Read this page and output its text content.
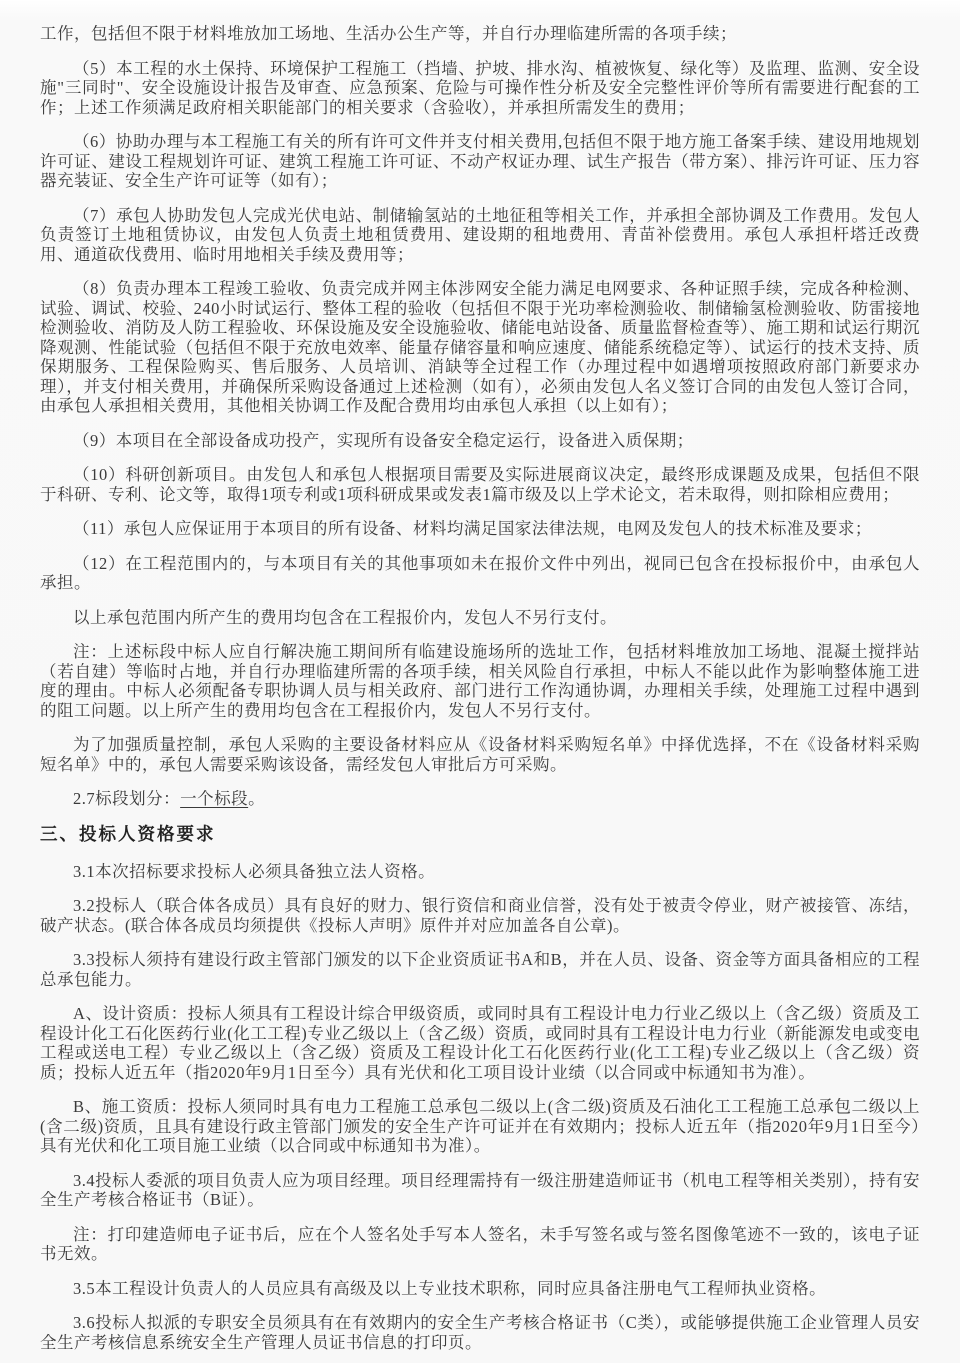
工作，包括但不限于材料堆放加工场地、生活办公生产等，并自行办理临建所需的各项手续；

（5）本工程的水土保持、环境保护工程施工（挡墙、护坡、排水沟、植被恢复、绿化等）及监理、监测、安全设施"三同时"、安全设施设计报告及审查、应急预案、危险与可操作性分析及安全完整性评价等所有需要进行配套的工作；上述工作须满足政府相关职能部门的相关要求（含验收），并承担所需发生的费用；

（6）协助办理与本工程施工有关的所有许可文件并支付相关费用,包括但不限于地方施工备案手续、建设用地规划许可证、建设工程规划许可证、建筑工程施工许可证、不动产权证办理、试生产报告（带方案）、排污许可证、压力容器充装证、安全生产许可证等（如有）；

（7）承包人协助发包人完成光伏电站、制储输氢站的土地征租等相关工作，并承担全部协调及工作费用。发包人负责签订土地租赁协议，由发包人负责土地租赁费用、建设期的租地费用、青苗补偿费用。承包人承担杆塔迁改费用、通道砍伐费用、临时用地相关手续及费用等；

（8）负责办理本工程竣工验收、负责完成并网主体涉网安全能力满足电网要求、各种证照手续，完成各种检测、试验、调试、校验、240小时试运行、整体工程的验收（包括但不限于光功率检测验收、制储输氢检测验收、防雷接地检测验收、消防及人防工程验收、环保设施及安全设施验收、储能电站设备、质量监督检查等）、施工期和试运行期沉降观测、性能试验（包括但不限于充放电效率、能量存储容量和响应速度、储能系统稳定等）、试运行的技术支持、质保期服务、工程保险购买、售后服务、人员培训、消缺等全过程工作（办理过程中如遇增项按照政府部门新要求办理），并支付相关费用，并确保所采购设备通过上述检测（如有），必须由发包人名义签订合同的由发包人签订合同，由承包人承担相关费用，其他相关协调工作及配合费用均由承包人承担（以上如有）；

（9）本项目在全部设备成功投产，实现所有设备安全稳定运行，设备进入质保期；

（10）科研创新项目。由发包人和承包人根据项目需要及实际进展商议决定，最终形成课题及成果，包括但不限于科研、专利、论文等，取得1项专利或1项科研成果或发表1篇市级及以上学术论文，若未取得，则扣除相应费用；

（11）承包人应保证用于本项目的所有设备、材料均满足国家法律法规，电网及发包人的技术标准及要求；

（12）在工程范围内的，与本项目有关的其他事项如未在报价文件中列出，视同已包含在投标报价中，由承包人承担。

以上承包范围内所产生的费用均包含在工程报价内，发包人不另行支付。

注：上述标段中标人应自行解决施工期间所有临建设施场所的选址工作，包括材料堆放加工场地、混凝土搅拌站（若自建）等临时占地，并自行办理临建所需的各项手续，相关风险自行承担，中标人不能以此作为影响整体施工进度的理由。中标人必须配备专职协调人员与相关政府、部门进行工作沟通协调，办理相关手续，处理施工过程中遇到的阻工问题。以上所产生的费用均包含在工程报价内，发包人不另行支付。

为了加强质量控制，承包人采购的主要设备材料应从《设备材料采购短名单》中择优选择，不在《设备材料采购短名单》中的，承包人需要采购该设备，需经发包人审批后方可采购。

2.7标段划分：一个标段。

三、投标人资格要求

3.1本次招标要求投标人必须具备独立法人资格。

3.2投标人（联合体各成员）具有良好的财力、银行资信和商业信誉，没有处于被责令停业，财产被接管、冻结，破产状态。(联合体各成员均须提供《投标人声明》原件并对应加盖各自公章)。

3.3投标人须持有建设行政主管部门颁发的以下企业资质证书A和B，并在人员、设备、资金等方面具备相应的工程总承包能力。

A、设计资质：投标人须具有工程设计综合甲级资质，或同时具有工程设计电力行业乙级以上（含乙级）资质及工程设计化工石化医药行业(化工工程)专业乙级以上（含乙级）资质，或同时具有工程设计电力行业（新能源发电或变电工程或送电工程）专业乙级以上（含乙级）资质及工程设计化工石化医药行业(化工工程)专业乙级以上（含乙级）资质；投标人近五年（指2020年9月1日至今）具有光伏和化工项目设计业绩（以合同或中标通知书为准）。

B、施工资质：投标人须同时具有电力工程施工总承包二级以上(含二级)资质及石油化工工程施工总承包二级以上(含二级)资质，且具有建设行政主管部门颁发的安全生产许可证并在有效期内；投标人近五年（指2020年9月1日至今）具有光伏和化工项目施工业绩（以合同或中标通知书为准）。

3.4投标人委派的项目负责人应为项目经理。项目经理需持有一级注册建造师证书（机电工程等相关类别），持有安全生产考核合格证书（B证）。

注：打印建造师电子证书后，应在个人签名处手写本人签名，未手写签名或与签名图像笔迹不一致的，该电子证书无效。

3.5本工程设计负责人的人员应具有高级及以上专业技术职称，同时应具备注册电气工程师执业资格。

3.6投标人拟派的专职安全员须具有在有效期内的安全生产考核合格证书（C类），或能够提供施工企业管理人员安全生产考核信息系统安全生产管理人员证书信息的打印页。
